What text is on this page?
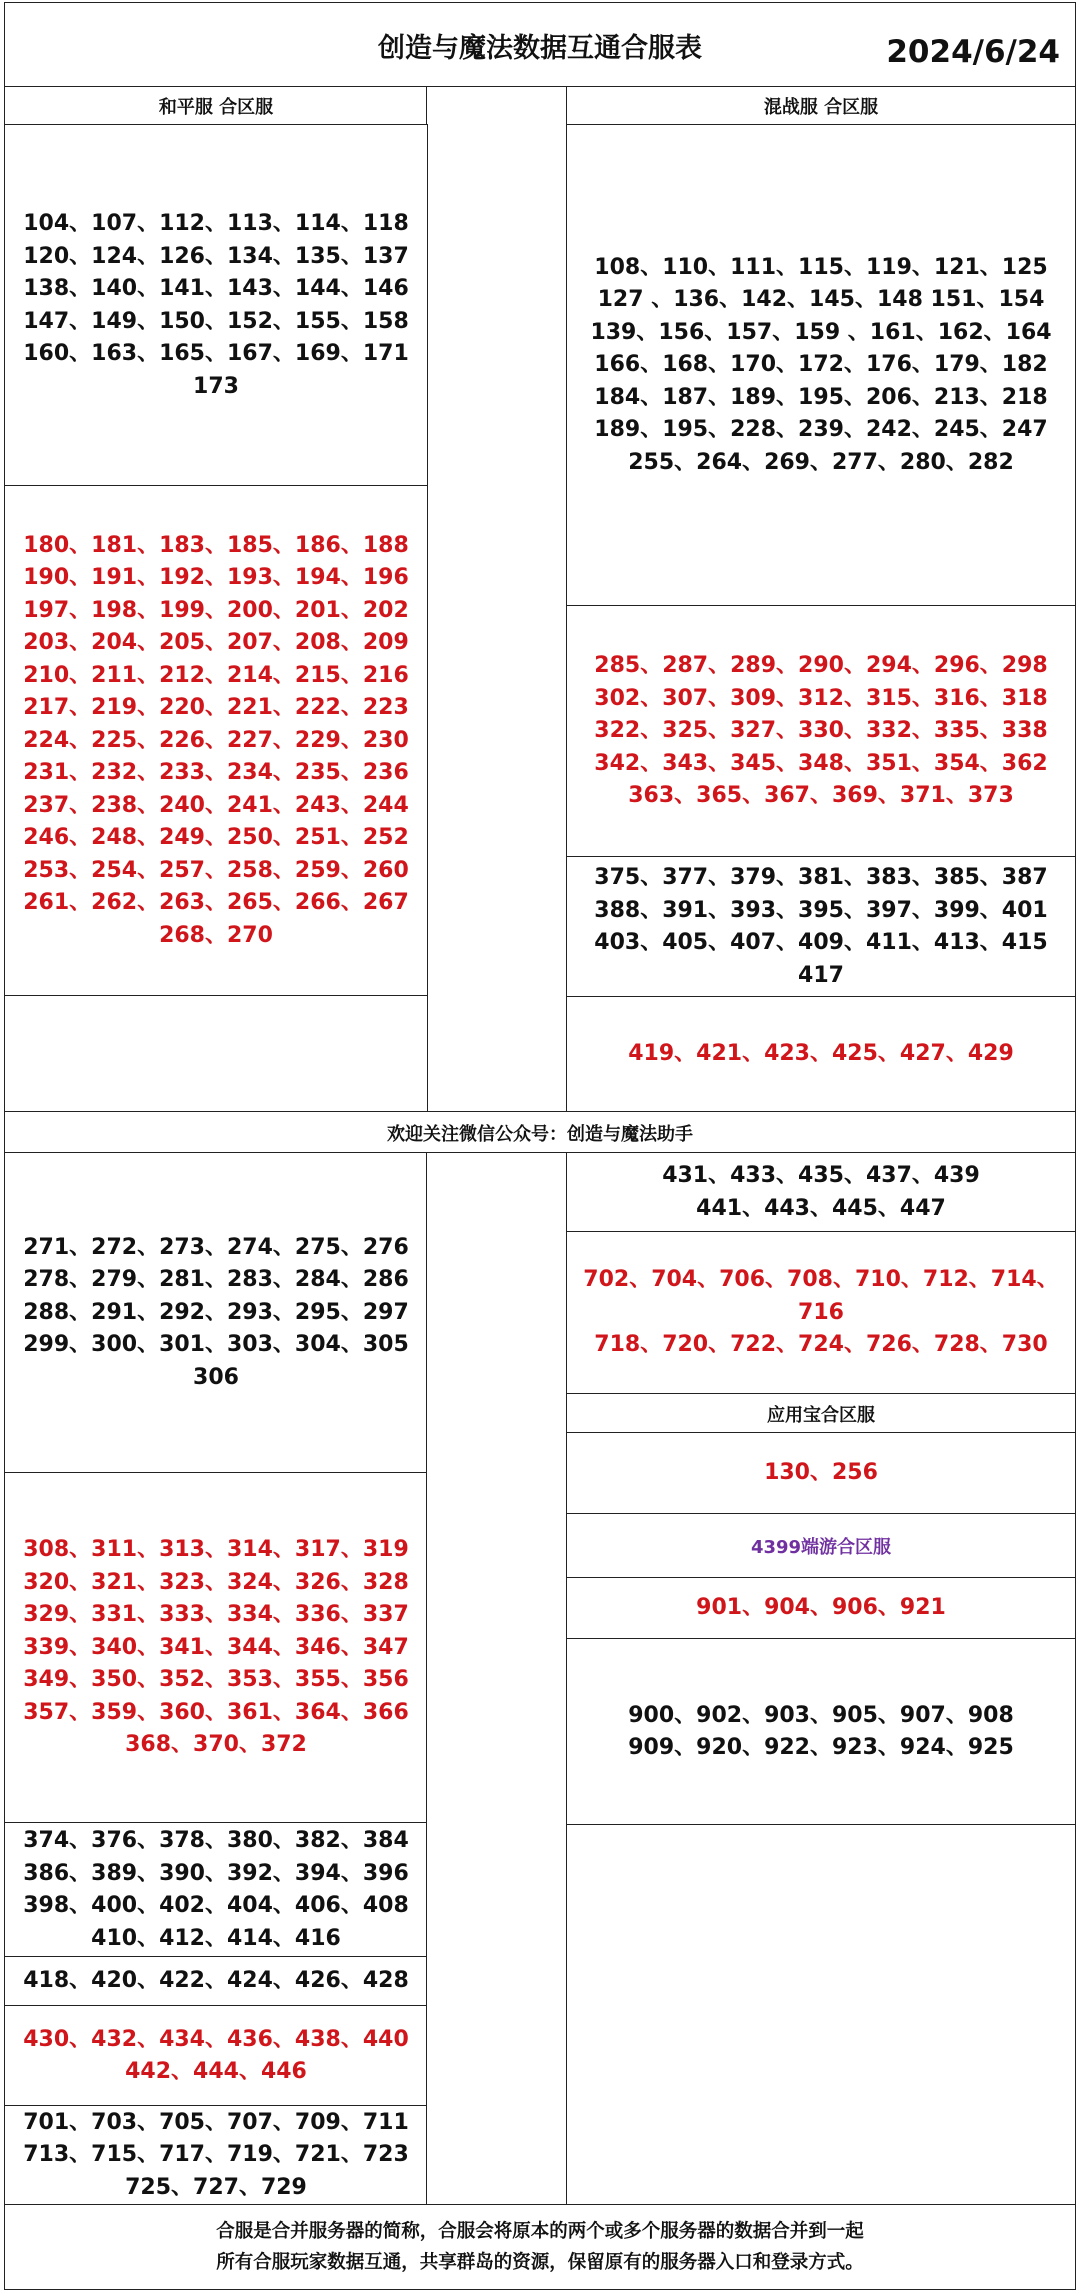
创造与魔法数据互通合服表	2024/6/24
和平服 合区服	混战服 合区服
104、107、112、113、114、118
120、124、126、134、135、137
138、140、141、143、144、146
147、149、150、152、155、158
160、163、165、167、169、171
173
180、181、183、185、186、188
190、191、192、193、194、196
197、198、199、200、201、202
203、204、205、207、208、209
210、211、212、214、215、216
217、219、220、221、222、223
224、225、226、227、229、230
231、232、233、234、235、236
237、238、240、241、243、244
246、248、249、250、251、252
253、254、257、258、259、260
261、262、263、265、266、267
268、270
108、110、111、115、119、121、125
127 、136、142、145、148 151、154
139、156、157、159 、161、162、164
166、168、170、172、176、179、182
184、187、189、195、206、213、218
189、195、228、239、242、245、247
255、264、269、277、280、282
285、287、289、290、294、296、298
302、307、309、312、315、316、318
322、325、327、330、332、335、338
342、343、345、348、351、354、362
363、365、367、369、371、373
375、377、379、381、383、385、387
388、391、393、395、397、399、401
403、405、407、409、411、413、415
417
419、421、423、425、427、429
欢迎关注微信公众号：创造与魔法助手
271、272、273、274、275、276
278、279、281、283、284、286
288、291、292、293、295、297
299、300、301、303、304、305
306
308、311、313、314、317、319
320、321、323、324、326、328
329、331、333、334、336、337
339、340、341、344、346、347
349、350、352、353、355、356
357、359、360、361、364、366
368、370、372
374、376、378、380、382、384
386、389、390、392、394、396
398、400、402、404、406、408
410、412、414、416
418、420、422、424、426、428
430、432、434、436、438、440
442、444、446
701、703、705、707、709、711
713、715、717、719、721、723
725、727、729
431、433、435、437、439
441、443、445、447
702、704、706、708、710、712、714、716
718、720、722、724、726、728、730
应用宝合区服
130、256
4399端游合区服
901、904、906、921
900、902、903、905、907、908
909、920、922、923、924、925
合服是合并服务器的简称，合服会将原本的两个或多个服务器的数据合并到一起
所有合服玩家数据互通，共享群岛的资源，保留原有的服务器入口和登录方式。
